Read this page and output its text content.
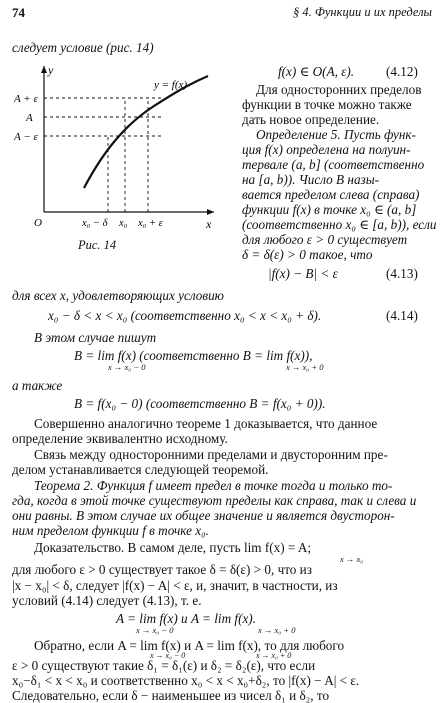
74	§ 4. Функции и их пределы
следует условие (рис. 14)
y
x
O
y = f(x)
A + ε
A
A − ε
x₀ − δ x₀ x₀ + ε
Рис. 14
f(x) ∈ O(A, ε). (4.12)
Для односторонних пределов
функции в точке можно также
дать новое определение.
Определение 5. Пусть функ-
ция f(x) определена на полуин-
тервале (a, b] (соответственно
на [a, b)). Число B назы-
вается пределом слева (справа)
функции f(x) в точке x₀ ∈ (a, b]
(соответственно x₀ ∈ [a, b)), если
для любого ε > 0 существует
δ = δ(ε) > 0 такое, что
|f(x) − B| < ε	(4.13)
для всех x, удовлетворяющих условию
x₀ − δ < x < x₀ (соответственно x₀ < x < x₀ + δ).	(4.14)
В этом случае пишут
B = lim f(x) (соответственно B = lim f(x)),
x → x₀ − 0	x → x₀ + 0
а также
B = f(x₀ − 0) (соответственно B = f(x₀ + 0)).
Совершенно аналогично теореме 1 доказывается, что данное
определение эквивалентно исходному.
Связь между односторонними пределами и двусторонним пре-
делом устанавливается следующей теоремой.
Теорема 2. Функция f имеет предел в точке тогда и только то-
гда, когда в этой точке существуют пределы как справа, так и слева и
они равны. В этом случае их общее значение и является двусторон-
ним пределом функции f в точке x₀.
Доказательство. В самом деле, пусть lim f(x) = A;
x → x₀
для любого ε > 0 существует такое δ = δ(ε) > 0, что из
|x − x₀| < δ, следует |f(x) − A| < ε, и, значит, в частности, из
условий (4.14) следует (4.13), т. е.
A = lim f(x) и A = lim f(x).
x → x₀ − 0	x → x₀ + 0
Обратно, если A = lim f(x) и A = lim f(x), то для любого
x → x₀ − 0	x → x₀ + 0
ε > 0 существуют такие δ₁ = δ₁(ε) и δ₂ = δ₂(ε), что если
x₀−δ₁ < x < x₀ и соответственно x₀ < x < x₀+δ₂, то |f(x) − A| < ε.
Следовательно, если δ − наименьшее из чисел δ₁ и δ₂, то
